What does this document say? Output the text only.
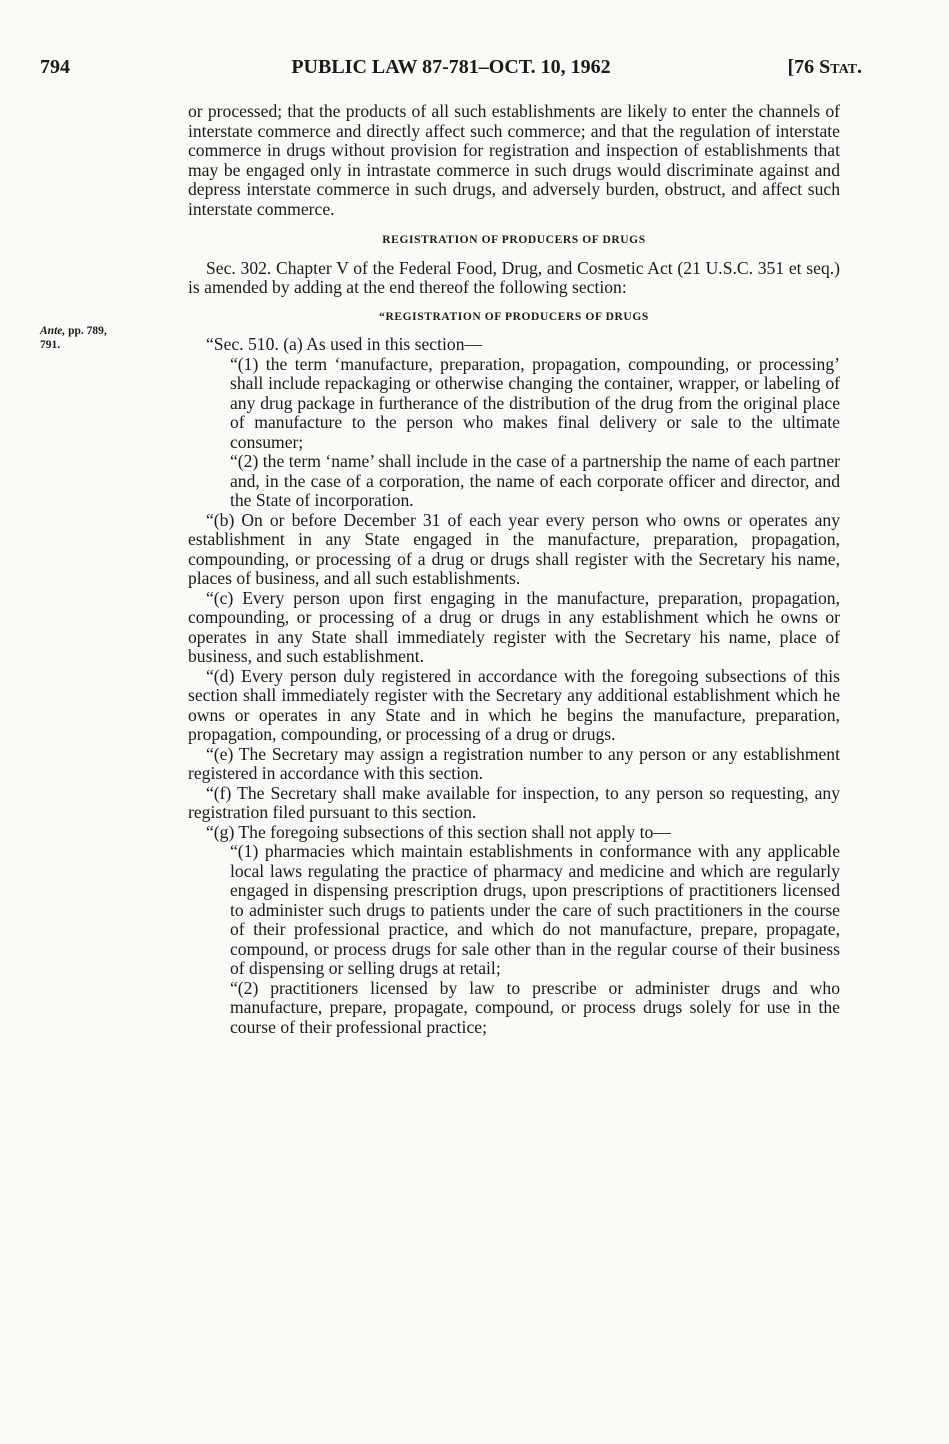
794	PUBLIC LAW 87-781–OCT. 10, 1962	[76 Stat.
Ante, pp. 789,
791.

or processed; that the products of all such establishments are likely to enter the channels of interstate commerce and directly affect such commerce; and that the regulation of interstate commerce in drugs without provision for registration and inspection of establishments that may be engaged only in intrastate commerce in such drugs would discriminate against and depress interstate commerce in such drugs, and adversely burden, obstruct, and affect such interstate commerce.

REGISTRATION OF PRODUCERS OF DRUGS

Sec. 302. Chapter V of the Federal Food, Drug, and Cosmetic Act (21 U.S.C. 351 et seq.) is amended by adding at the end thereof the following section:

“REGISTRATION OF PRODUCERS OF DRUGS

“Sec. 510. (a) As used in this section—

“(1) the term ‘manufacture, preparation, propagation, compounding, or processing’ shall include repackaging or otherwise changing the container, wrapper, or labeling of any drug package in furtherance of the distribution of the drug from the original place of manufacture to the person who makes final delivery or sale to the ultimate consumer;

“(2) the term ‘name’ shall include in the case of a partnership the name of each partner and, in the case of a corporation, the name of each corporate officer and director, and the State of incorporation.

“(b) On or before December 31 of each year every person who owns or operates any establishment in any State engaged in the manufacture, preparation, propagation, compounding, or processing of a drug or drugs shall register with the Secretary his name, places of business, and all such establishments.

“(c) Every person upon first engaging in the manufacture, preparation, propagation, compounding, or processing of a drug or drugs in any establishment which he owns or operates in any State shall immediately register with the Secretary his name, place of business, and such establishment.

“(d) Every person duly registered in accordance with the foregoing subsections of this section shall immediately register with the Secretary any additional establishment which he owns or operates in any State and in which he begins the manufacture, preparation, propagation, compounding, or processing of a drug or drugs.

“(e) The Secretary may assign a registration number to any person or any establishment registered in accordance with this section.

“(f) The Secretary shall make available for inspection, to any person so requesting, any registration filed pursuant to this section.

“(g) The foregoing subsections of this section shall not apply to—

“(1) pharmacies which maintain establishments in conformance with any applicable local laws regulating the practice of pharmacy and medicine and which are regularly engaged in dispensing prescription drugs, upon prescriptions of practitioners licensed to administer such drugs to patients under the care of such practitioners in the course of their professional practice, and which do not manufacture, prepare, propagate, compound, or process drugs for sale other than in the regular course of their business of dispensing or selling drugs at retail;

“(2) practitioners licensed by law to prescribe or administer drugs and who manufacture, prepare, propagate, compound, or process drugs solely for use in the course of their professional practice;
